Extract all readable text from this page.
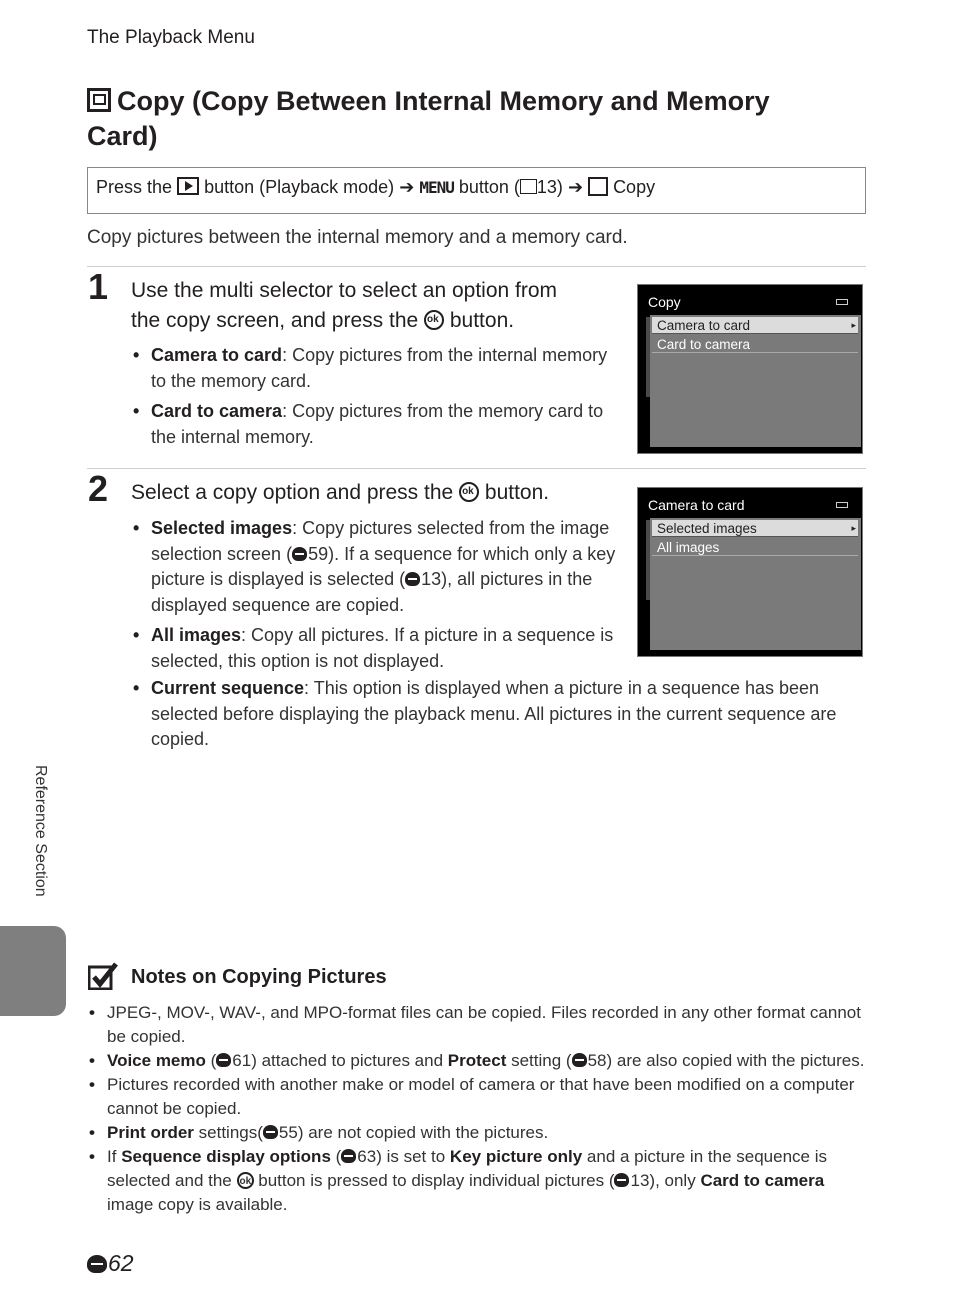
The Playback Menu
Copy (Copy Between Internal Memory and Memory Card)
Press the button (Playback mode) ➔ MENU button ( 13) ➔ Copy
Copy pictures between the internal memory and a memory card.
1 Use the multi selector to select an option from
the copy screen, and press the ok button.
• Camera to card: Copy pictures from the internal memory to the memory card.
• Card to camera: Copy pictures from the memory card to the internal memory.
Copy
Camera to card ▸
Card to camera
2 Select a copy option and press the ok button.
• Selected images: Copy pictures selected from the image selection screen ( 59). If a sequence for which only a key picture is displayed is selected ( 13), all pictures in the displayed sequence are copied.
• All images: Copy all pictures. If a picture in a sequence is selected, this option is not displayed.
• Current sequence: This option is displayed when a picture in a sequence has been selected before displaying the playback menu. All pictures in the current sequence are copied.
Camera to card
Selected images ▸
All images
Reference Section
Notes on Copying Pictures
• JPEG-, MOV-, WAV-, and MPO-format files can be copied. Files recorded in any other format cannot be copied.
• Voice memo ( 61) attached to pictures and Protect setting ( 58) are also copied with the pictures.
• Pictures recorded with another make or model of camera or that have been modified on a computer cannot be copied.
• Print order settings( 55) are not copied with the pictures.
• If Sequence display options ( 63) is set to Key picture only and a picture in the sequence is selected and the ok button is pressed to display individual pictures ( 13), only Card to camera image copy is available.
62
